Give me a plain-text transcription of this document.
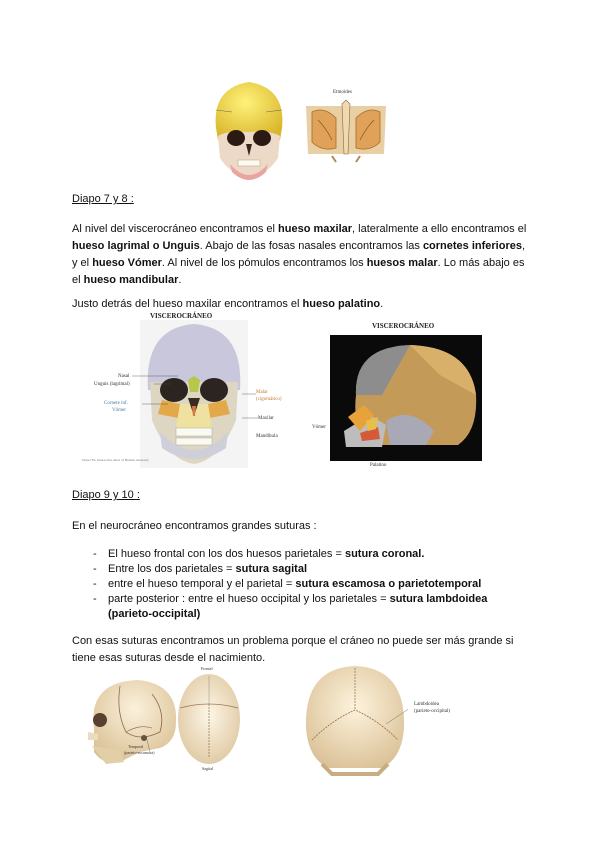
Etmoides
Diapo 7 y 8 :

Al nivel del viscerocráneo encontramos el hueso maxilar, lateralmente a ello encontramos el hueso lagrimal o Unguis. Abajo de las fosas nasales encontramos las cornetes inferiores, y el hueso Vómer. Al nivel de los pómulos encontramos los huesos malar. Lo más abajo es el hueso mandibular.

Justo detrás del hueso maxilar encontramos el hueso palatino.

VISCEROCRÁNEO
Nasal
Unguis (lagrimal)
Cornete inf.
Vómer
Malar
(cigomático)
Maxilar
Mandíbula
Netter Fh. Interactive Atlas of Human Anatomy
VISCEROCRÁNEO
Vómer
Palatino
Diapo 9 y 10 :

En el neurocráneo encontramos grandes suturas :

- El hueso frontal con los dos huesos parietales = sutura coronal.
- Entre los dos parietales = sutura sagital
- entre el hueso temporal y el parietal = sutura escamosa o parietotemporal
- parte posterior : entre el hueso occipital y los parietales = sutura lambdoidea (parieto-occipital)

Con esas suturas encontramos un problema porque el cráneo no puede ser más grande si tiene esas suturas desde el nacimiento.

Temporal
(parieto-escamosa)
Frontal
Sagital
Lambdoidea
(parieto-occipital)
